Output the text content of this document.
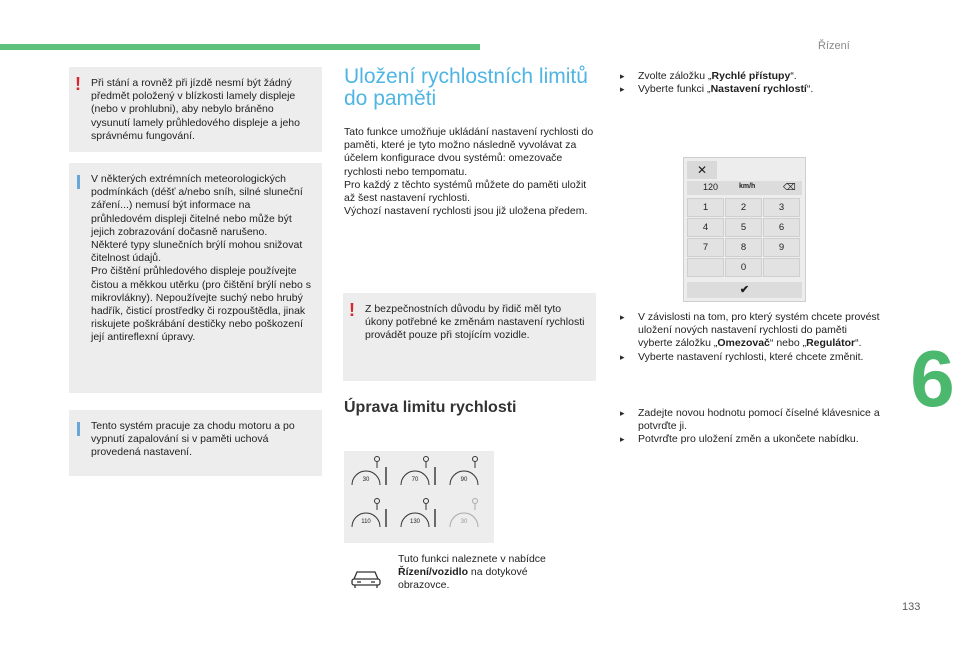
Řízení
6
133
! Při stání a rovněž při jízdě nesmí být žádný předmět položený v blízkosti lamely displeje (nebo v prohlubni), aby nebylo bráněno vysunutí lamely průhledového displeje a jeho správnému fungování.

V některých extrémních meteorologických podmínkách (déšť a/nebo sníh, silné sluneční záření...) nemusí být informace na průhledovém displeji čitelné nebo může být jejich zobrazování dočasně narušeno.

Některé typy slunečních brýlí mohou snižovat čitelnost údajů.

Pro čištění průhledového displeje používejte čistou a měkkou utěrku (pro čištění brýlí nebo s mikrovlákny). Nepoužívejte suchý nebo hrubý hadřík, čisticí prostředky či rozpouštědla, jinak riskujete poškrábání destičky nebo poškození její antireflexní úpravy.

Tento systém pracuje za chodu motoru a po vypnutí zapalování si v paměti uchová provedená nastavení.

Uložení rychlostních limitů do paměti

Tato funkce umožňuje ukládání nastavení rychlosti do paměti, které je tyto možno následně vyvolávat za účelem konfigurace dvou systémů: omezovače rychlosti nebo tempomatu.

Pro každý z těchto systémů můžete do paměti uložit až šest nastavení rychlosti.

Výchozí nastavení rychlosti jsou již uložena předem.

! Z bezpečnostních důvodu by řidič měl tyto úkony potřebné ke změnám nastavení rychlosti provádět pouze při stojícím vozidle.

Úprava limitu rychlosti
30	70	90
110	130	30
Tuto funkci naleznete v nabídce Řízení/vozidlo na dotykové obrazovce.

▸ Zvolte záložku „Rychlé přístupy“.

▸ Vyberte funkci „Nastavení rychlostí“.

✕
120	km/h	⌫
1	2	3
4	5	6
7	8	9
0
✔

▸ V závislosti na tom, pro který systém chcete provést uložení nových nastavení rychlosti do paměti vyberte záložku „Omezovač“ nebo „Regulátor“.

▸ Vyberte nastavení rychlosti, které chcete změnit.

▸ Zadejte novou hodnotu pomocí číselné klávesnice a potvrďte ji.

▸ Potvrďte pro uložení změn a ukončete nabídku.
